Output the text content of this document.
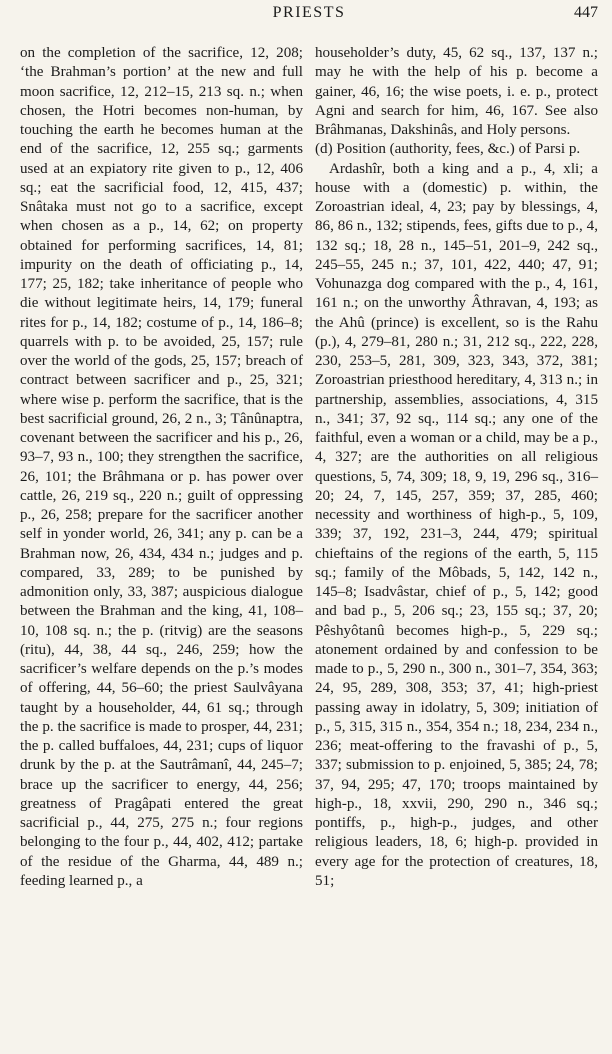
PRIESTS	447

on the completion of the sacrifice, 12, 208; ‘the Brahman’s portion’ at the new and full moon sacrifice, 12, 212–15, 213 sq. n.; when chosen, the Hotri becomes non-human, by touching the earth he becomes human at the end of the sacrifice, 12, 255 sq.; garments used at an expiatory rite given to p., 12, 406 sq.; eat the sacrificial food, 12, 415, 437; Snâtaka must not go to a sacrifice, except when chosen as a p., 14, 62; on property obtained for performing sacrifices, 14, 81; impurity on the death of officiating p., 14, 177; 25, 182; take inheritance of people who die without legitimate heirs, 14, 179; funeral rites for p., 14, 182; costume of p., 14, 186–8; quarrels with p. to be avoided, 25, 157; rule over the world of the gods, 25, 157; breach of contract between sacrificer and p., 25, 321; where wise p. perform the sacrifice, that is the best sacrificial ground, 26, 2 n., 3; Tânûnaptra, covenant between the sacrificer and his p., 26, 93–7, 93 n., 100; they strengthen the sacrifice, 26, 101; the Brâhmana or p. has power over cattle, 26, 219 sq., 220 n.; guilt of oppressing p., 26, 258; prepare for the sacrificer another self in yonder world, 26, 341; any p. can be a Brahman now, 26, 434, 434 n.; judges and p. compared, 33, 289; to be punished by admonition only, 33, 387; auspicious dialogue between the Brahman and the king, 41, 108–10, 108 sq. n.; the p. (ritvig) are the seasons (ritu), 44, 38, 44 sq., 246, 259; how the sacrificer’s welfare depends on the p.’s modes of offering, 44, 56–60; the priest Saulvâyana taught by a householder, 44, 61 sq.; through the p. the sacrifice is made to prosper, 44, 231; the p. called buffaloes, 44, 231; cups of liquor drunk by the p. at the Sautrâmanî, 44, 245–7; brace up the sacrificer to energy, 44, 256; greatness of Pragâpati entered the great sacrificial p., 44, 275, 275 n.; four regions belonging to the four p., 44, 402, 412; partake of the residue of the Gharma, 44, 489 n.; feeding learned p., a

householder’s duty, 45, 62 sq., 137, 137 n.; may he with the help of his p. become a gainer, 46, 16; the wise poets, i. e. p., protect Agni and search for him, 46, 167. See also Brâhmanas, Dakshinâs, and Holy persons.

(d) Position (authority, fees, &c.) of Parsi p.

Ardashîr, both a king and a p., 4, xli; a house with a (domestic) p. within, the Zoroastrian ideal, 4, 23; pay by blessings, 4, 86, 86 n., 132; stipends, fees, gifts due to p., 4, 132 sq.; 18, 28 n., 145–51, 201–9, 242 sq., 245–55, 245 n.; 37, 101, 422, 440; 47, 91; Vohunazga dog compared with the p., 4, 161, 161 n.; on the unworthy Âthravan, 4, 193; as the Ahû (prince) is excellent, so is the Rahu (p.), 4, 279–81, 280 n.; 31, 212 sq., 222, 228, 230, 253–5, 281, 309, 323, 343, 372, 381; Zoroastrian priesthood hereditary, 4, 313 n.; in partnership, assemblies, associations, 4, 315 n., 341; 37, 92 sq., 114 sq.; any one of the faithful, even a woman or a child, may be a p., 4, 327; are the authorities on all religious questions, 5, 74, 309; 18, 9, 19, 296 sq., 316–20; 24, 7, 145, 257, 359; 37, 285, 460; necessity and worthiness of high-p., 5, 109, 339; 37, 192, 231–3, 244, 479; spiritual chieftains of the regions of the earth, 5, 115 sq.; family of the Môbads, 5, 142, 142 n., 145–8; Isadvâstar, chief of p., 5, 142; good and bad p., 5, 206 sq.; 23, 155 sq.; 37, 20; Pêshyôtanû becomes high-p., 5, 229 sq.; atonement ordained by and confession to be made to p., 5, 290 n., 300 n., 301–7, 354, 363; 24, 95, 289, 308, 353; 37, 41; high-priest passing away in idolatry, 5, 309; initiation of p., 5, 315, 315 n., 354, 354 n.; 18, 234, 234 n., 236; meat-offering to the fravashi of p., 5, 337; submission to p. enjoined, 5, 385; 24, 78; 37, 94, 295; 47, 170; troops maintained by high-p., 18, xxvii, 290, 290 n., 346 sq.; pontiffs, p., high-p., judges, and other religious leaders, 18, 6; high-p. provided in every age for the protection of creatures, 18, 51;
